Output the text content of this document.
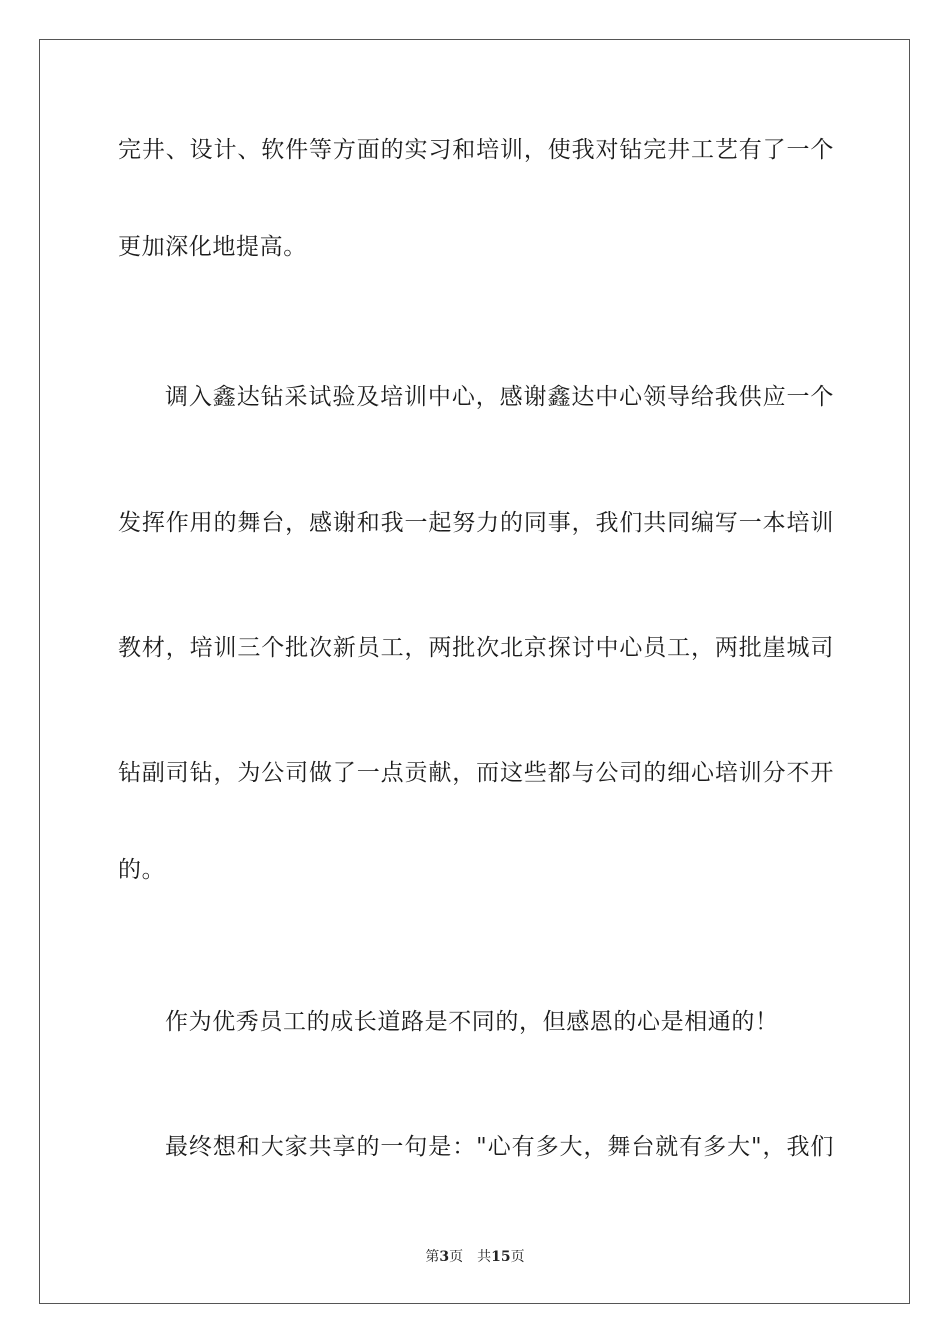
完井、设计、软件等方面的实习和培训，使我对钻完井工艺有了一个
更加深化地提高。
调入鑫达钻采试验及培训中心，感谢鑫达中心领导给我供应一个
发挥作用的舞台，感谢和我一起努力的同事，我们共同编写一本培训
教材，培训三个批次新员工，两批次北京探讨中心员工，两批崖城司
钻副司钻，为公司做了一点贡献，而这些都与公司的细心培训分不开
的。
作为优秀员工的成长道路是不同的，但感恩的心是相通的！
最终想和大家共享的一句是："心有多大，舞台就有多大"，我们
第3页 共15页
